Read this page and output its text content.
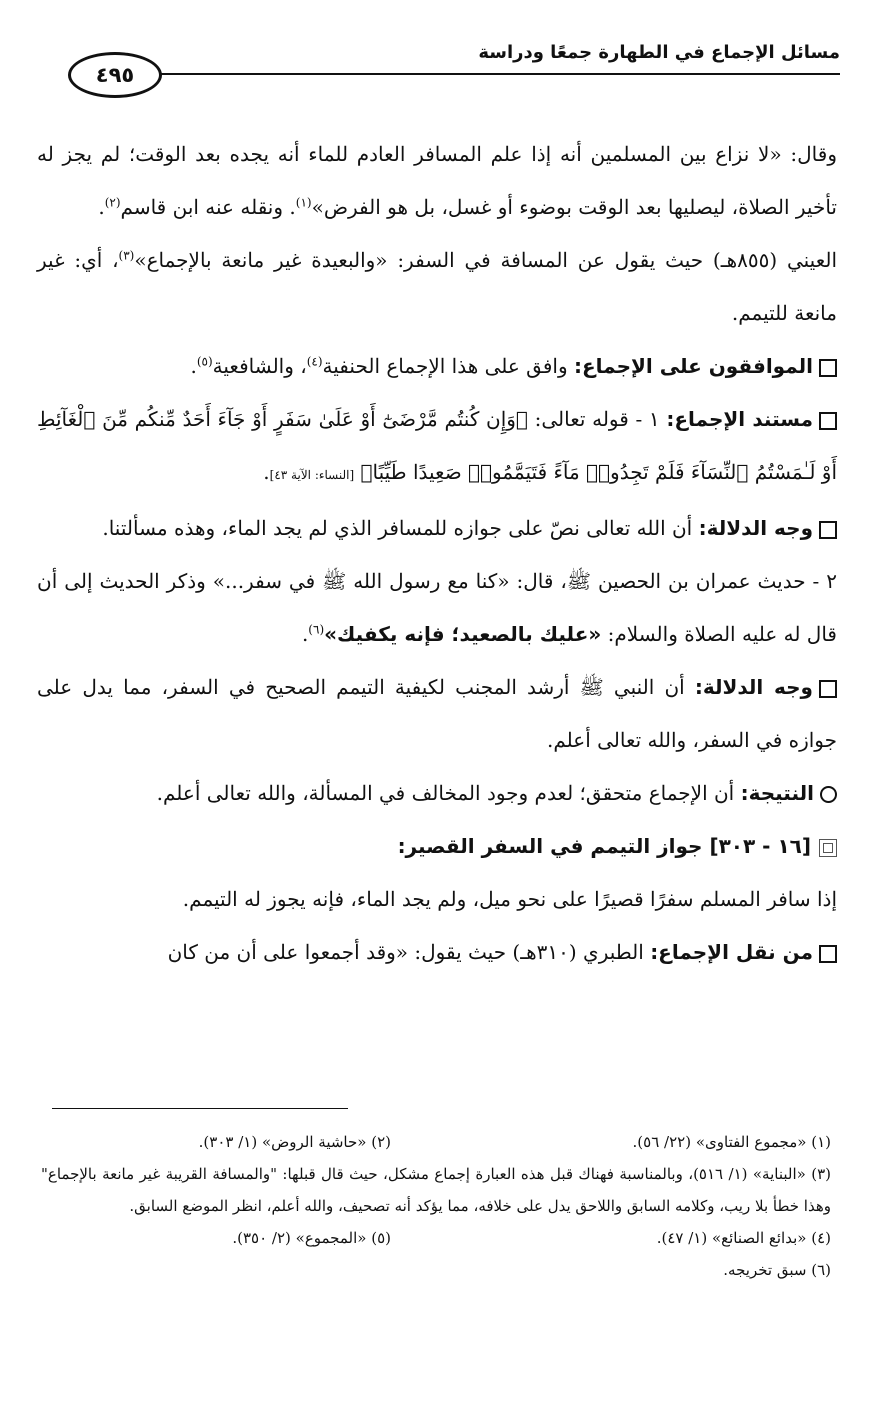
مسائل الإجماع في الطهارة جمعًا ودراسة
٤٩٥

وقال: «لا نزاع بين المسلمين أنه إذا علم المسافر العادم للماء أنه يجده بعد الوقت؛ لم يجز له تأخير الصلاة، ليصليها بعد الوقت بوضوء أو غسل، بل هو الفرض»$^{(١)}$. ونقله عنه ابن قاسم$^{(٢)}$.

العيني (٨٥٥هـ) حيث يقول عن المسافة في السفر: «والبعيدة غير مانعة بالإجماع»$^{(٣)}$، أي: غير مانعة للتيمم.

الموافقون على الإجماع: وافق على هذا الإجماع الحنفية$^{(٤)}$، والشافعية$^{(٥)}$.

مستند الإجماع: ١ - قوله تعالى: ﴿وَإِن كُنتُم مَّرْضَىٰٓ أَوْ عَلَىٰ سَفَرٍ أَوْ جَآءَ أَحَدٌ مِّنكُم مِّنَ ٱلْغَآئِطِ أَوْ لَـٰمَسْتُمُ ٱلنِّسَآءَ فَلَمْ تَجِدُوا۟ مَآءً فَتَيَمَّمُوا۟ صَعِيدًا طَيِّبًا﴾ [النساء: الآية ٤٣].

وجه الدلالة: أن الله تعالى نصّ على جوازه للمسافر الذي لم يجد الماء، وهذه مسألتنا.

٢ - حديث عمران بن الحصين ﷺ، قال: «كنا مع رسول الله ﷺ في سفر...» وذكر الحديث إلى أن قال له عليه الصلاة والسلام: «عليك بالصعيد؛ فإنه يكفيك»$^{(٦)}$.

وجه الدلالة: أن النبي ﷺ أرشد المجنب لكيفية التيمم الصحيح في السفر، مما يدل على جوازه في السفر، والله تعالى أعلم.

النتيجة: أن الإجماع متحقق؛ لعدم وجود المخالف في المسألة، والله تعالى أعلم.

[١٦ - ٣٠٣] جواز التيمم في السفر القصير:

إذا سافر المسلم سفرًا قصيرًا على نحو ميل، ولم يجد الماء، فإنه يجوز له التيمم.

من نقل الإجماع: الطبري (٣١٠هـ) حيث يقول: «وقد أجمعوا على أن من كان

(١) «مجموع الفتاوى» (٢٢/ ٥٦).(٢) «حاشية الروض» (١/ ٣٠٣).

(٣) «البناية» (١/ ٥١٦)، وبالمناسبة فهناك قبل هذه العبارة إجماع مشكل، حيث قال قبلها: "والمسافة القريبة غير مانعة بالإجماع" وهذا خطأ بلا ريب، وكلامه السابق واللاحق يدل على خلافه، مما يؤكد أنه تصحيف، والله أعلم، انظر الموضع السابق.

(٤) «بدائع الصنائع» (١/ ٤٧).(٥) «المجموع» (٢/ ٣٥٠).

(٦) سبق تخريجه.
